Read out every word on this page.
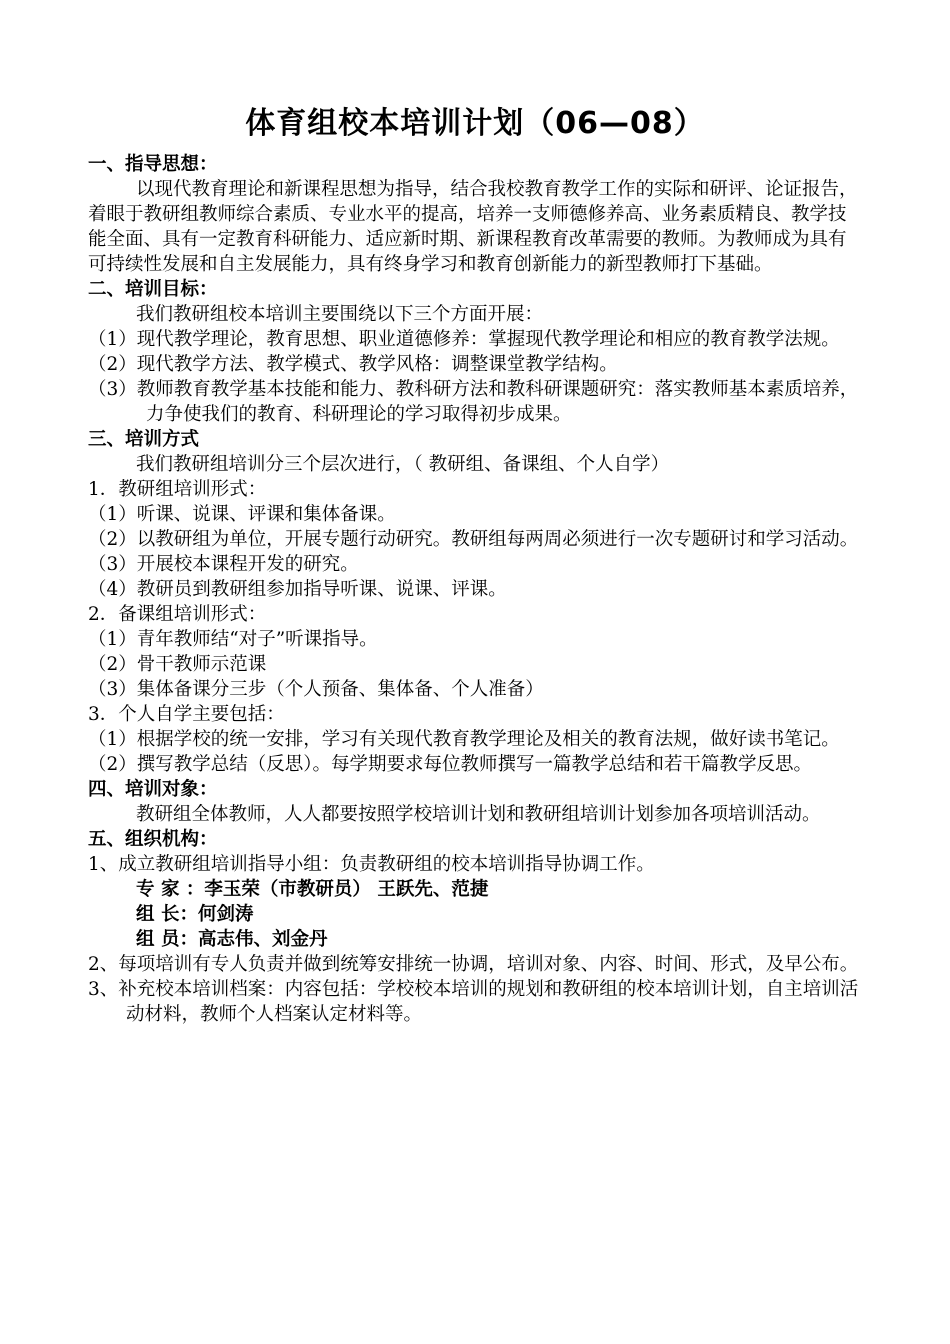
体育组校本培训计划（06—08）

一、指导思想：

以现代教育理论和新课程思想为指导，结合我校教育教学工作的实际和研评、论证报告，着眼于教研组教师综合素质、专业水平的提高，培养一支师德修养高、业务素质精良、教学技能全面、具有一定教育科研能力、适应新时期、新课程教育改革需要的教师。为教师成为具有可持续性发展和自主发展能力，具有终身学习和教育创新能力的新型教师打下基础。

二、培训目标：

我们教研组校本培训主要围绕以下三个方面开展：

（1）现代教学理论，教育思想、职业道德修养：掌握现代教学理论和相应的教育教学法规。

（2）现代教学方法、教学模式、教学风格：调整课堂教学结构。

（3）教师教育教学基本技能和能力、教科研方法和教科研课题研究：落实教师基本素质培养，力争使我们的教育、科研理论的学习取得初步成果。

三、培训方式

我们教研组培训分三个层次进行，（ 教研组、备课组、个人自学）

1．教研组培训形式：

（1）听课、说课、评课和集体备课。

（2）以教研组为单位，开展专题行动研究。教研组每两周必须进行一次专题研讨和学习活动。

（3）开展校本课程开发的研究。

（4）教研员到教研组参加指导听课、说课、评课。

2．备课组培训形式：

（1）青年教师结“对子”听课指导。

（2）骨干教师示范课

（3）集体备课分三步（个人预备、集体备、个人准备）

3．个人自学主要包括：

（1）根据学校的统一安排，学习有关现代教育教学理论及相关的教育法规，做好读书笔记。

（2）撰写教学总结（反思）。每学期要求每位教师撰写一篇教学总结和若干篇教学反思。

四、培训对象：

教研组全体教师，人人都要按照学校培训计划和教研组培训计划参加各项培训活动。

五、组织机构：

1、成立教研组培训指导小组：负责教研组的校本培训指导协调工作。

专 家 ：李玉荣（市教研员） 王跃先、范捷

组 长：何剑涛

组 员：高志伟、刘金丹

2、每项培训有专人负责并做到统筹安排统一协调，培训对象、内容、时间、形式，及早公布。

3、补充校本培训档案：内容包括：学校校本培训的规划和教研组的校本培训计划，自主培训活动材料，教师个人档案认定材料等。
